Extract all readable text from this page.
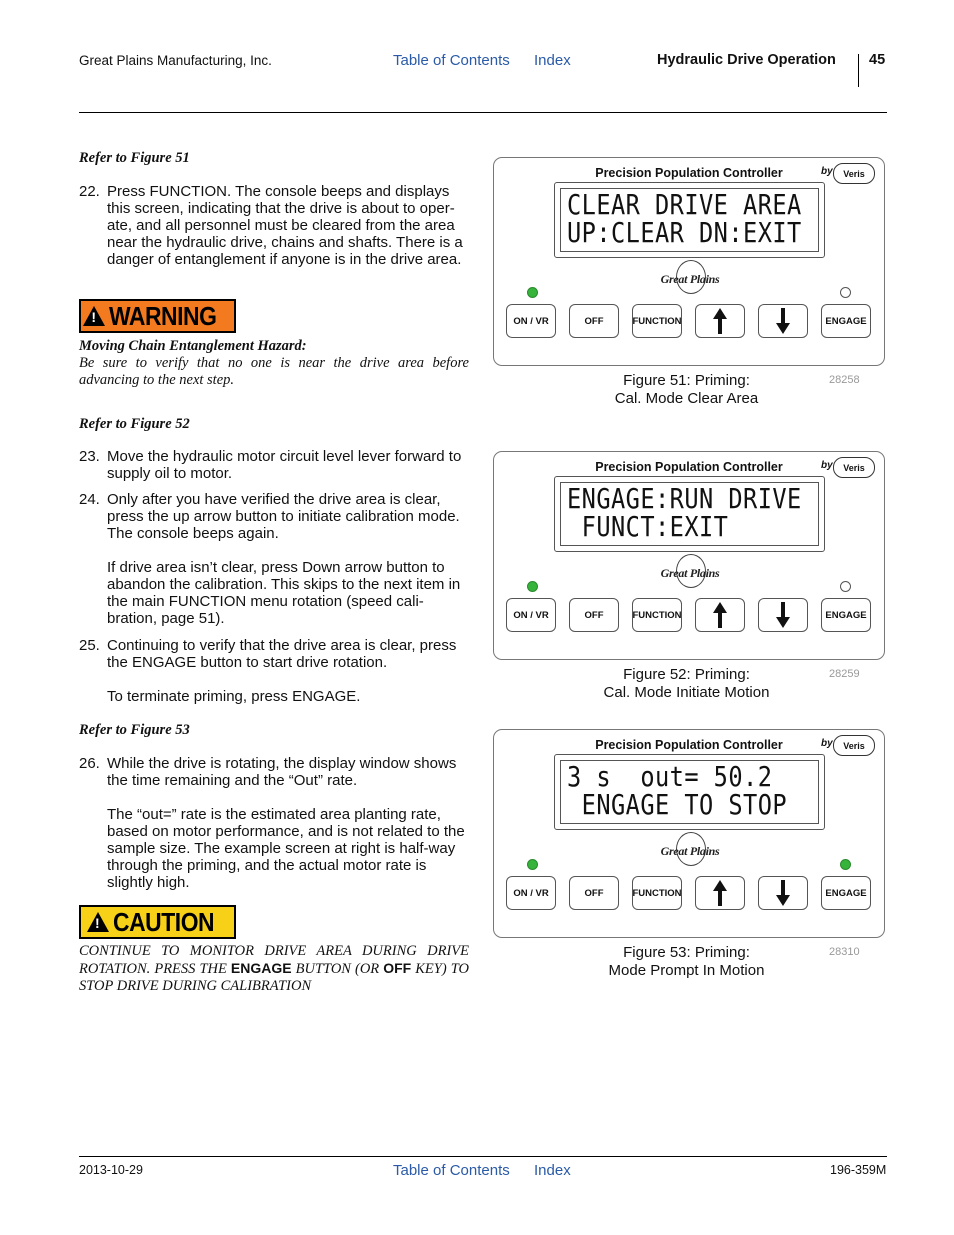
Great Plains Manufacturing, Inc.	Table of Contents Index	Hydraulic Drive Operation 45
Refer to Figure 51
22. Press FUNCTION. The console beeps and displays this screen, indicating that the drive is about to oper-ate, and all personnel must be cleared from the area near the hydraulic drive, chains and shafts. There is a danger of entanglement if anyone is in the drive area.

!
WARNING
Moving Chain Entanglement Hazard:
Be sure to verify that no one is near the drive area before advancing to the next step.
Refer to Figure 52
23. Move the hydraulic motor circuit level lever forward to supply oil to motor.

24. Only after you have verified the drive area is clear, press the up arrow button to initiate calibration mode. The console beeps again.

If drive area isn’t clear, press Down arrow button to abandon the calibration. This skips to the next item in the main FUNCTION menu rotation (speed cali-bration, page 51).

25. Continuing to verify that the drive area is clear, press the ENGAGE button to start drive rotation.

To terminate priming, press ENGAGE.

Refer to Figure 53
26. While the drive is rotating, the display window shows the time remaining and the “Out” rate.

The “out=” rate is the estimated area planting rate, based on motor performance, and is not related to the sample size. The example screen at right is half-way through the priming, and the actual motor rate is slightly high.

!
CAUTION
CONTINUE TO MONITOR DRIVE AREA DURING DRIVE ROTATION. PRESS THE ENGAGE BUTTON (OR OFF KEY) TO STOP DRIVE DURING CALIBRATION
Precision Population Controller	by	Veris
CLEAR DRIVE AREA
UP:CLEAR DN:EXIT
Great Plains
ON / VR	OFF	FUNCTION	ENGAGE
Figure 51: Priming:
Cal. Mode Clear Area
28258
Precision Population Controller	by	Veris
ENGAGE:RUN DRIVE
FUNCT:EXIT
Great Plains
ON / VR	OFF	FUNCTION	ENGAGE
Figure 52: Priming:
Cal. Mode Initiate Motion
28259
Precision Population Controller	by	Veris
3 s  out= 50.2
ENGAGE TO STOP
Great Plains
ON / VR	OFF	FUNCTION	ENGAGE
Figure 53: Priming:
Mode Prompt In Motion
28310
2013-10-29	Table of Contents Index	196-359M
